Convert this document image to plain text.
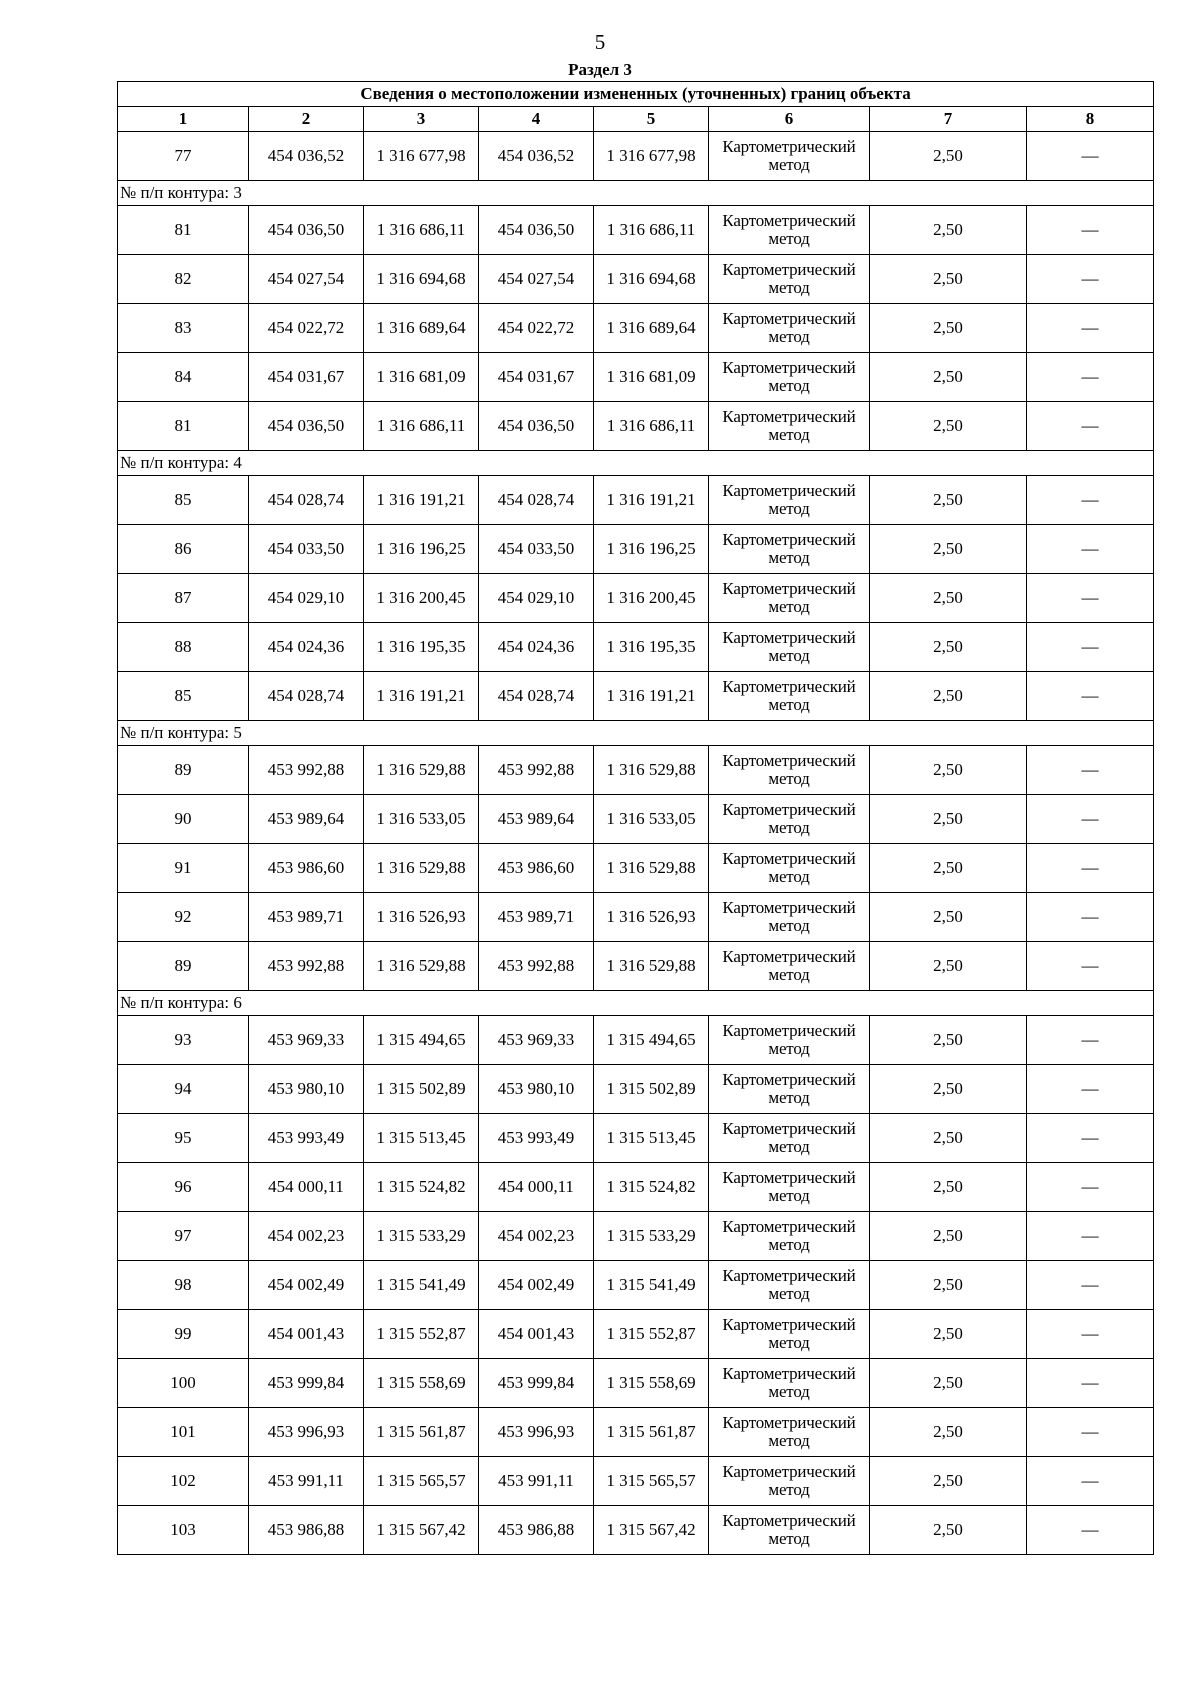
5
Раздел 3
Сведения о местоположении измененных (уточненных) границ объекта							
1	2	3	4	5	6	7	8
77	454 036,52	1 316 677,98	454 036,52	1 316 677,98	Картометрический метод	2,50	—
№ п/п контура: 3							
81	454 036,50	1 316 686,11	454 036,50	1 316 686,11	Картометрический метод	2,50	—
82	454 027,54	1 316 694,68	454 027,54	1 316 694,68	Картометрический метод	2,50	—
83	454 022,72	1 316 689,64	454 022,72	1 316 689,64	Картометрический метод	2,50	—
84	454 031,67	1 316 681,09	454 031,67	1 316 681,09	Картометрический метод	2,50	—
81	454 036,50	1 316 686,11	454 036,50	1 316 686,11	Картометрический метод	2,50	—
№ п/п контура: 4							
85	454 028,74	1 316 191,21	454 028,74	1 316 191,21	Картометрический метод	2,50	—
86	454 033,50	1 316 196,25	454 033,50	1 316 196,25	Картометрический метод	2,50	—
87	454 029,10	1 316 200,45	454 029,10	1 316 200,45	Картометрический метод	2,50	—
88	454 024,36	1 316 195,35	454 024,36	1 316 195,35	Картометрический метод	2,50	—
85	454 028,74	1 316 191,21	454 028,74	1 316 191,21	Картометрический метод	2,50	—
№ п/п контура: 5							
89	453 992,88	1 316 529,88	453 992,88	1 316 529,88	Картометрический метод	2,50	—
90	453 989,64	1 316 533,05	453 989,64	1 316 533,05	Картометрический метод	2,50	—
91	453 986,60	1 316 529,88	453 986,60	1 316 529,88	Картометрический метод	2,50	—
92	453 989,71	1 316 526,93	453 989,71	1 316 526,93	Картометрический метод	2,50	—
89	453 992,88	1 316 529,88	453 992,88	1 316 529,88	Картометрический метод	2,50	—
№ п/п контура: 6							
93	453 969,33	1 315 494,65	453 969,33	1 315 494,65	Картометрический метод	2,50	—
94	453 980,10	1 315 502,89	453 980,10	1 315 502,89	Картометрический метод	2,50	—
95	453 993,49	1 315 513,45	453 993,49	1 315 513,45	Картометрический метод	2,50	—
96	454 000,11	1 315 524,82	454 000,11	1 315 524,82	Картометрический метод	2,50	—
97	454 002,23	1 315 533,29	454 002,23	1 315 533,29	Картометрический метод	2,50	—
98	454 002,49	1 315 541,49	454 002,49	1 315 541,49	Картометрический метод	2,50	—
99	454 001,43	1 315 552,87	454 001,43	1 315 552,87	Картометрический метод	2,50	—
100	453 999,84	1 315 558,69	453 999,84	1 315 558,69	Картометрический метод	2,50	—
101	453 996,93	1 315 561,87	453 996,93	1 315 561,87	Картометрический метод	2,50	—
102	453 991,11	1 315 565,57	453 991,11	1 315 565,57	Картометрический метод	2,50	—
103	453 986,88	1 315 567,42	453 986,88	1 315 567,42	Картометрический метод	2,50	—
